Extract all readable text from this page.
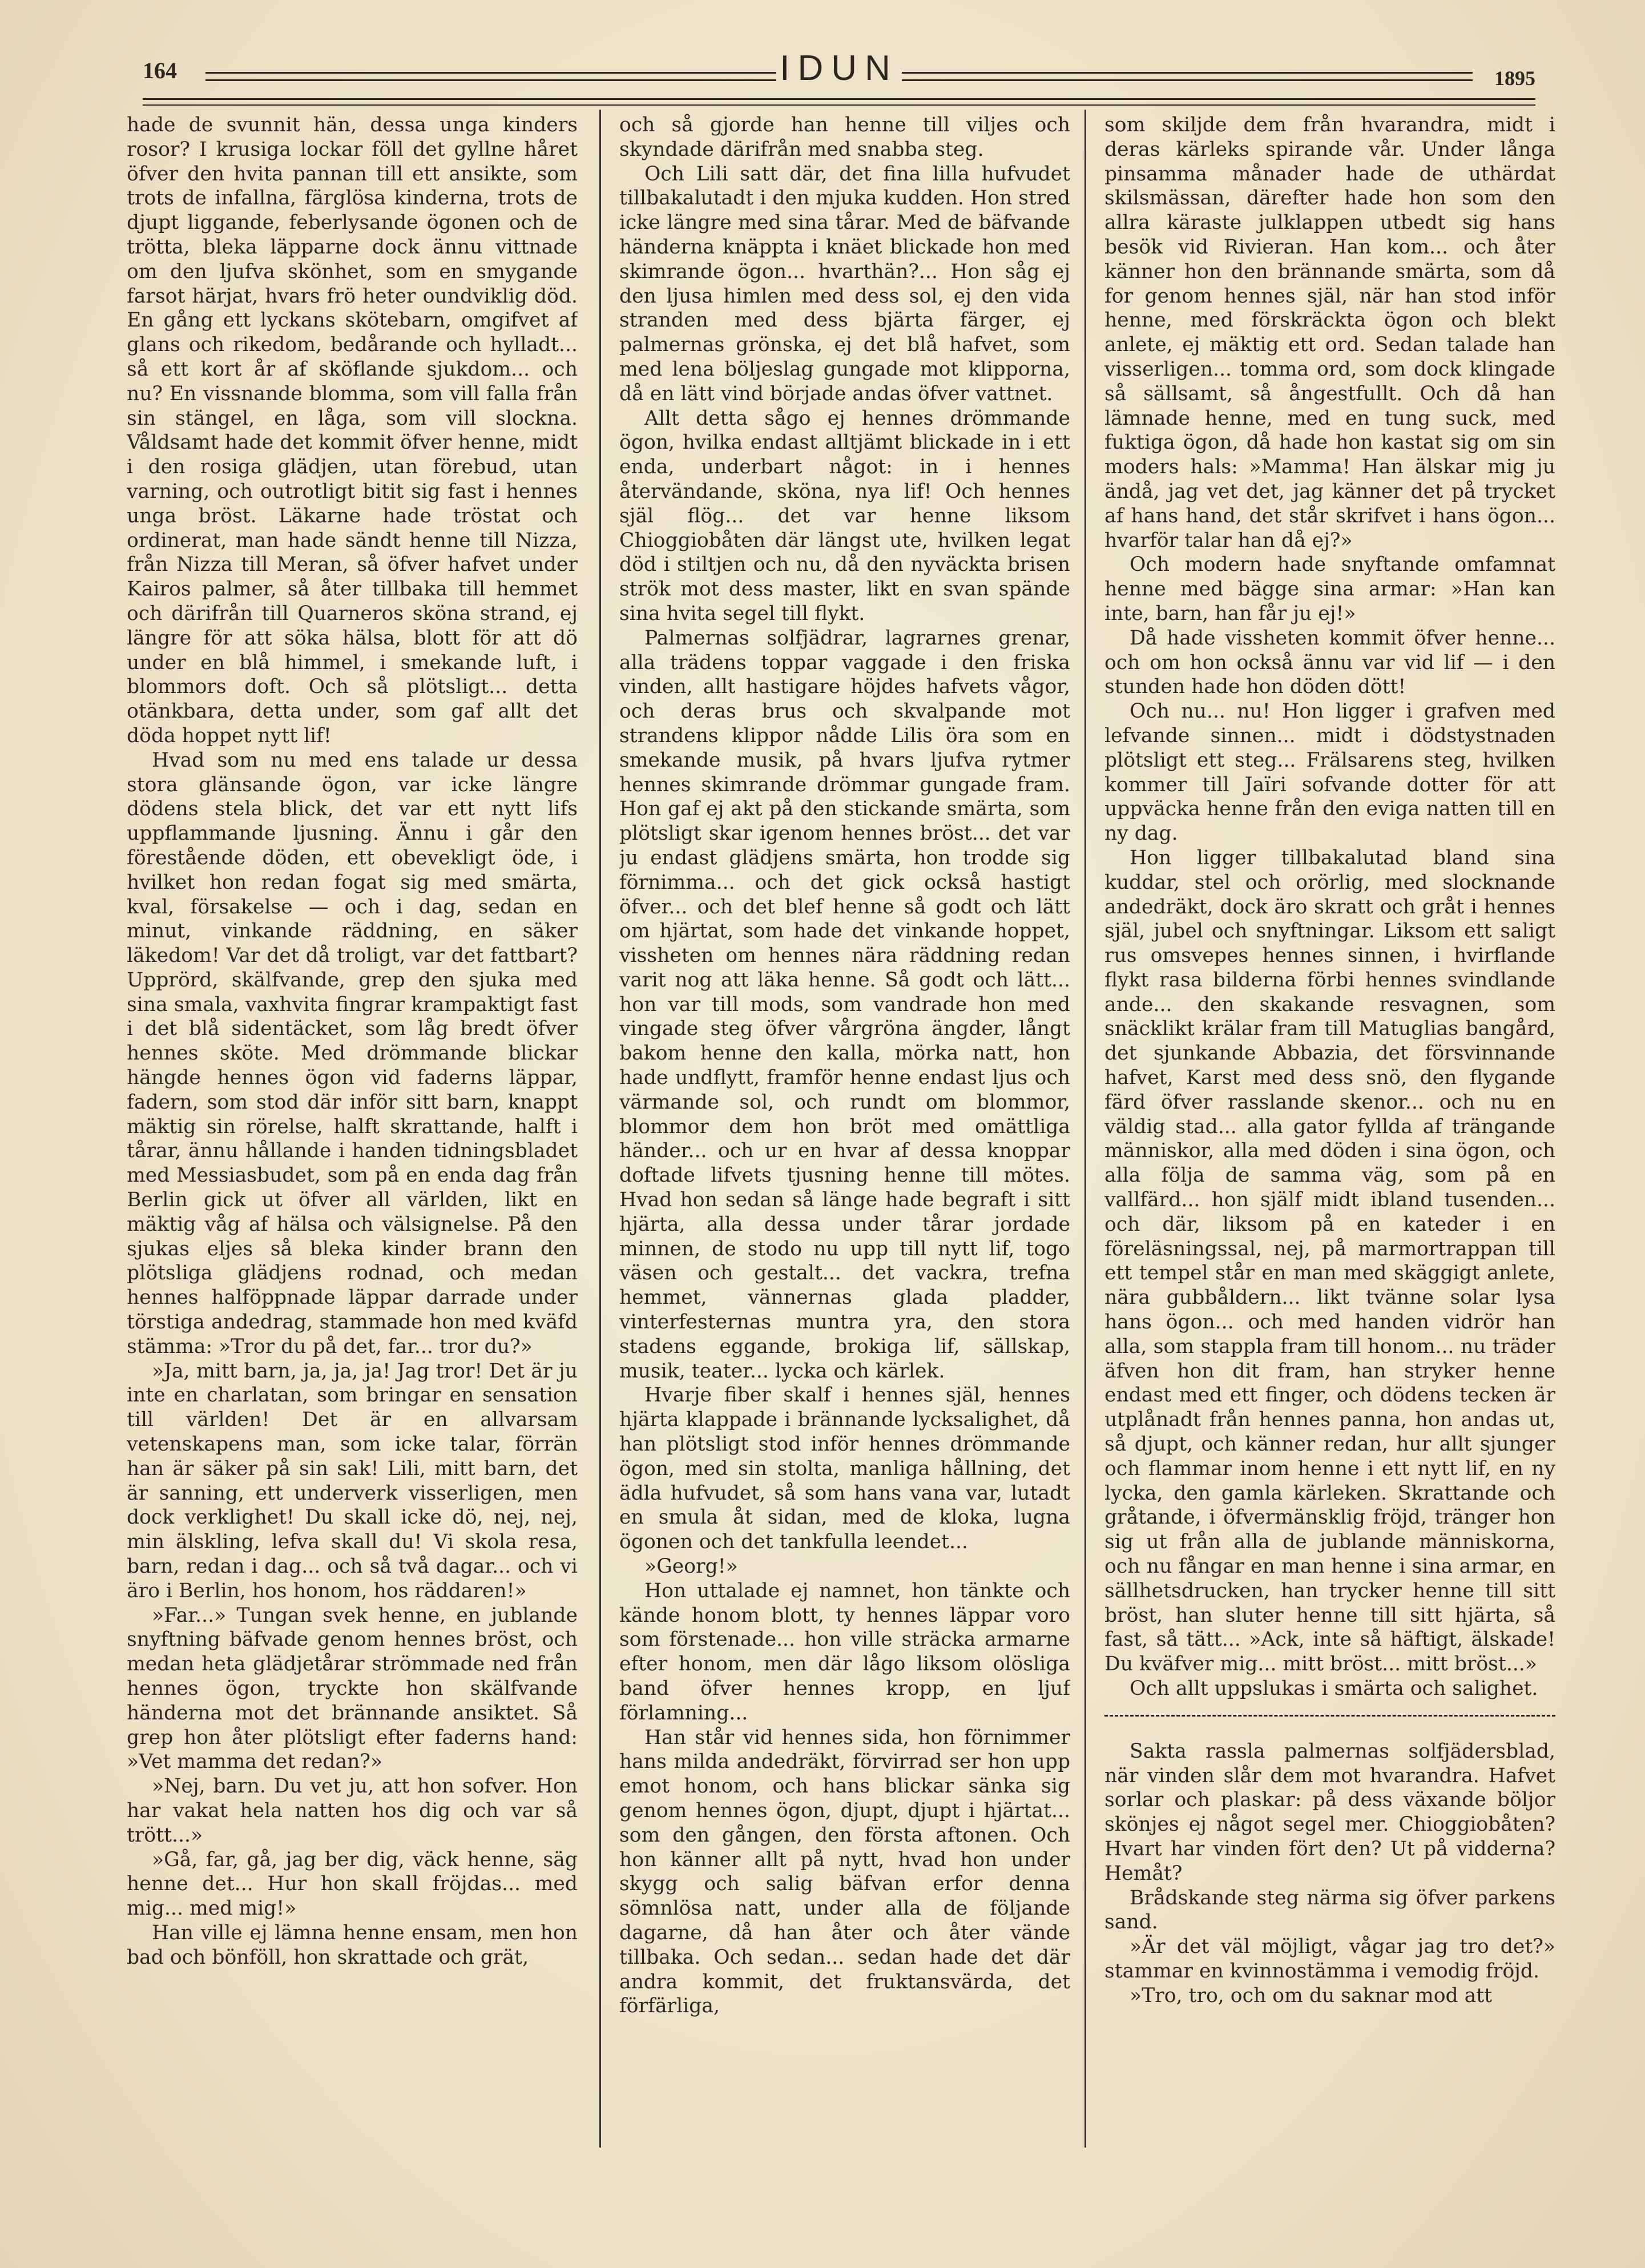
164	IDUN	1895

hade de svunnit hän, dessa unga kinders rosor? I krusiga lockar föll det gyllne håret öfver den hvita pannan till ett ansikte, som trots de infallna, färglösa kinderna, trots de djupt liggande, feberlysande ögonen och de trötta, bleka läpparne dock ännu vittnade om den ljufva skönhet, som en smygande farsot härjat, hvars frö heter oundviklig död. En gång ett lyckans skötebarn, omgifvet af glans och rikedom, bedårande och hylladt... så ett kort år af sköflande sjukdom... och nu? En vissnande blomma, som vill falla från sin stängel, en låga, som vill slockna. Våldsamt hade det kommit öfver henne, midt i den rosiga glädjen, utan förebud, utan varning, och outrotligt bitit sig fast i hennes unga bröst. Läkarne hade tröstat och ordinerat, man hade sändt henne till Nizza, från Nizza till Meran, så öfver hafvet under Kairos palmer, så åter tillbaka till hemmet och därifrån till Quarneros sköna strand, ej längre för att söka hälsa, blott för att dö under en blå himmel, i smekande luft, i blommors doft. Och så plötsligt... detta otänkbara, detta under, som gaf allt det döda hoppet nytt lif!

Hvad som nu med ens talade ur dessa stora glänsande ögon, var icke längre dödens stela blick, det var ett nytt lifs uppflammande ljusning. Ännu i går den förestående döden, ett obevekligt öde, i hvilket hon redan fogat sig med smärta, kval, försakelse — och i dag, sedan en minut, vinkande räddning, en säker läkedom! Var det då troligt, var det fattbart? Upprörd, skälfvande, grep den sjuka med sina smala, vaxhvita fingrar krampaktigt fast i det blå sidentäcket, som låg bredt öfver hennes sköte. Med drömmande blickar hängde hennes ögon vid faderns läppar, fadern, som stod där inför sitt barn, knappt mäktig sin rörelse, halft skrattande, halft i tårar, ännu hållande i handen tidningsbladet med Messiasbudet, som på en enda dag från Berlin gick ut öfver all världen, likt en mäktig våg af hälsa och välsignelse. På den sjukas eljes så bleka kinder brann den plötsliga glädjens rodnad, och medan hennes halföppnade läppar darrade under törstiga andedrag, stammade hon med kväfd stämma: »Tror du på det, far... tror du?»

»Ja, mitt barn, ja, ja, ja! Jag tror! Det är ju inte en charlatan, som bringar en sensation till världen! Det är en allvarsam vetenskapens man, som icke talar, förrän han är säker på sin sak! Lili, mitt barn, det är sanning, ett underverk visserligen, men dock verklighet! Du skall icke dö, nej, nej, min älskling, lefva skall du! Vi skola resa, barn, redan i dag... och så två dagar... och vi äro i Berlin, hos honom, hos räddaren!»

»Far...» Tungan svek henne, en jublande snyftning bäfvade genom hennes bröst, och medan heta glädjetårar strömmade ned från hennes ögon, tryckte hon skälfvande händerna mot det brännande ansiktet. Så grep hon åter plötsligt efter faderns hand: »Vet mamma det redan?»

»Nej, barn. Du vet ju, att hon sofver. Hon har vakat hela natten hos dig och var så trött...»

»Gå, far, gå, jag ber dig, väck henne, säg henne det... Hur hon skall fröjdas... med mig... med mig!»

Han ville ej lämna henne ensam, men hon bad och bönföll, hon skrattade och grät,

och så gjorde han henne till viljes och skyndade därifrån med snabba steg.

Och Lili satt där, det fina lilla hufvudet tillbakalutadt i den mjuka kudden. Hon stred icke längre med sina tårar. Med de bäfvande händerna knäppta i knäet blickade hon med skimrande ögon... hvarthän?... Hon såg ej den ljusa himlen med dess sol, ej den vida stranden med dess bjärta färger, ej palmernas grönska, ej det blå hafvet, som med lena böljeslag gungade mot klipporna, då en lätt vind började andas öfver vattnet.

Allt detta sågo ej hennes drömmande ögon, hvilka endast alltjämt blickade in i ett enda, underbart något: in i hennes återvändande, sköna, nya lif! Och hennes själ flög... det var henne liksom Chioggiobåten där längst ute, hvilken legat död i stiltjen och nu, då den nyväckta brisen strök mot dess master, likt en svan spände sina hvita segel till flykt.

Palmernas solfjädrar, lagrarnes grenar, alla trädens toppar vaggade i den friska vinden, allt hastigare höjdes hafvets vågor, och deras brus och skvalpande mot strandens klippor nådde Lilis öra som en smekande musik, på hvars ljufva rytmer hennes skimrande drömmar gungade fram. Hon gaf ej akt på den stickande smärta, som plötsligt skar igenom hennes bröst... det var ju endast glädjens smärta, hon trodde sig förnimma... och det gick också hastigt öfver... och det blef henne så godt och lätt om hjärtat, som hade det vinkande hoppet, vissheten om hennes nära räddning redan varit nog att läka henne. Så godt och lätt... hon var till mods, som vandrade hon med vingade steg öfver vårgröna ängder, långt bakom henne den kalla, mörka natt, hon hade undflytt, framför henne endast ljus och värmande sol, och rundt om blommor, blommor dem hon bröt med omättliga händer... och ur en hvar af dessa knoppar doftade lifvets tjusning henne till mötes. Hvad hon sedan så länge hade begraft i sitt hjärta, alla dessa under tårar jordade minnen, de stodo nu upp till nytt lif, togo väsen och gestalt... det vackra, trefna hemmet, vännernas glada pladder, vinterfesternas muntra yra, den stora stadens eggande, brokiga lif, sällskap, musik, teater... lycka och kärlek.

Hvarje fiber skalf i hennes själ, hennes hjärta klappade i brännande lycksalighet, då han plötsligt stod inför hennes drömmande ögon, med sin stolta, manliga hållning, det ädla hufvudet, så som hans vana var, lutadt en smula åt sidan, med de kloka, lugna ögonen och det tankfulla leendet...

»Georg!»

Hon uttalade ej namnet, hon tänkte och kände honom blott, ty hennes läppar voro som förstenade... hon ville sträcka armarne efter honom, men där lågo liksom olösliga band öfver hennes kropp, en ljuf förlamning...

Han står vid hennes sida, hon förnimmer hans milda andedräkt, förvirrad ser hon upp emot honom, och hans blickar sänka sig genom hennes ögon, djupt, djupt i hjärtat... som den gången, den första aftonen. Och hon känner allt på nytt, hvad hon under skygg och salig bäfvan erfor denna sömnlösa natt, under alla de följande dagarne, då han åter och åter vände tillbaka. Och sedan... sedan hade det där andra kommit, det fruktansvärda, det förfärliga,

som skiljde dem från hvarandra, midt i deras kärleks spirande vår. Under långa pinsamma månader hade de uthärdat skilsmässan, därefter hade hon som den allra käraste julklappen utbedt sig hans besök vid Rivieran. Han kom... och åter känner hon den brännande smärta, som då for genom hennes själ, när han stod inför henne, med förskräckta ögon och blekt anlete, ej mäktig ett ord. Sedan talade han visserligen... tomma ord, som dock klingade så sällsamt, så ångestfullt. Och då han lämnade henne, med en tung suck, med fuktiga ögon, då hade hon kastat sig om sin moders hals: »Mamma! Han älskar mig ju ändå, jag vet det, jag känner det på trycket af hans hand, det står skrifvet i hans ögon... hvarför talar han då ej?»

Och modern hade snyftande omfamnat henne med bägge sina armar: »Han kan inte, barn, han får ju ej!»

Då hade vissheten kommit öfver henne... och om hon också ännu var vid lif — i den stunden hade hon döden dött!

Och nu... nu! Hon ligger i grafven med lefvande sinnen... midt i dödstystnaden plötsligt ett steg... Frälsarens steg, hvilken kommer till Jaïri sofvande dotter för att uppväcka henne från den eviga natten till en ny dag.

Hon ligger tillbakalutad bland sina kuddar, stel och orörlig, med slocknande andedräkt, dock äro skratt och gråt i hennes själ, jubel och snyftningar. Liksom ett saligt rus omsvepes hennes sinnen, i hvirflande flykt rasa bilderna förbi hennes svindlande ande... den skakande resvagnen, som snäcklikt krälar fram till Matuglias bangård, det sjunkande Abbazia, det försvinnande hafvet, Karst med dess snö, den flygande färd öfver rasslande skenor... och nu en väldig stad... alla gator fyllda af trängande människor, alla med döden i sina ögon, och alla följa de samma väg, som på en vallfärd... hon själf midt ibland tusenden... och där, liksom på en kateder i en föreläsningssal, nej, på marmortrappan till ett tempel står en man med skäggigt anlete, nära gubbåldern... likt tvänne solar lysa hans ögon... och med handen vidrör han alla, som stappla fram till honom... nu träder äfven hon dit fram, han stryker henne endast med ett finger, och dödens tecken är utplånadt från hennes panna, hon andas ut, så djupt, och känner redan, hur allt sjunger och flammar inom henne i ett nytt lif, en ny lycka, den gamla kärleken. Skrattande och gråtande, i öfvermänsklig fröjd, tränger hon sig ut från alla de jublande människorna, och nu fångar en man henne i sina armar, en sällhetsdrucken, han trycker henne till sitt bröst, han sluter henne till sitt hjärta, så fast, så tätt... »Ack, inte så häftigt, älskade! Du kväfver mig... mitt bröst... mitt bröst...»

Och allt uppslukas i smärta och salighet.

Sakta rassla palmernas solfjädersblad, när vinden slår dem mot hvarandra. Hafvet sorlar och plaskar: på dess växande böljor skönjes ej något segel mer. Chioggiobåten? Hvart har vinden fört den? Ut på vidderna? Hemåt?

Brådskande steg närma sig öfver parkens sand.

»Är det väl möjligt, vågar jag tro det?» stammar en kvinnostämma i vemodig fröjd.

»Tro, tro, och om du saknar mod att
